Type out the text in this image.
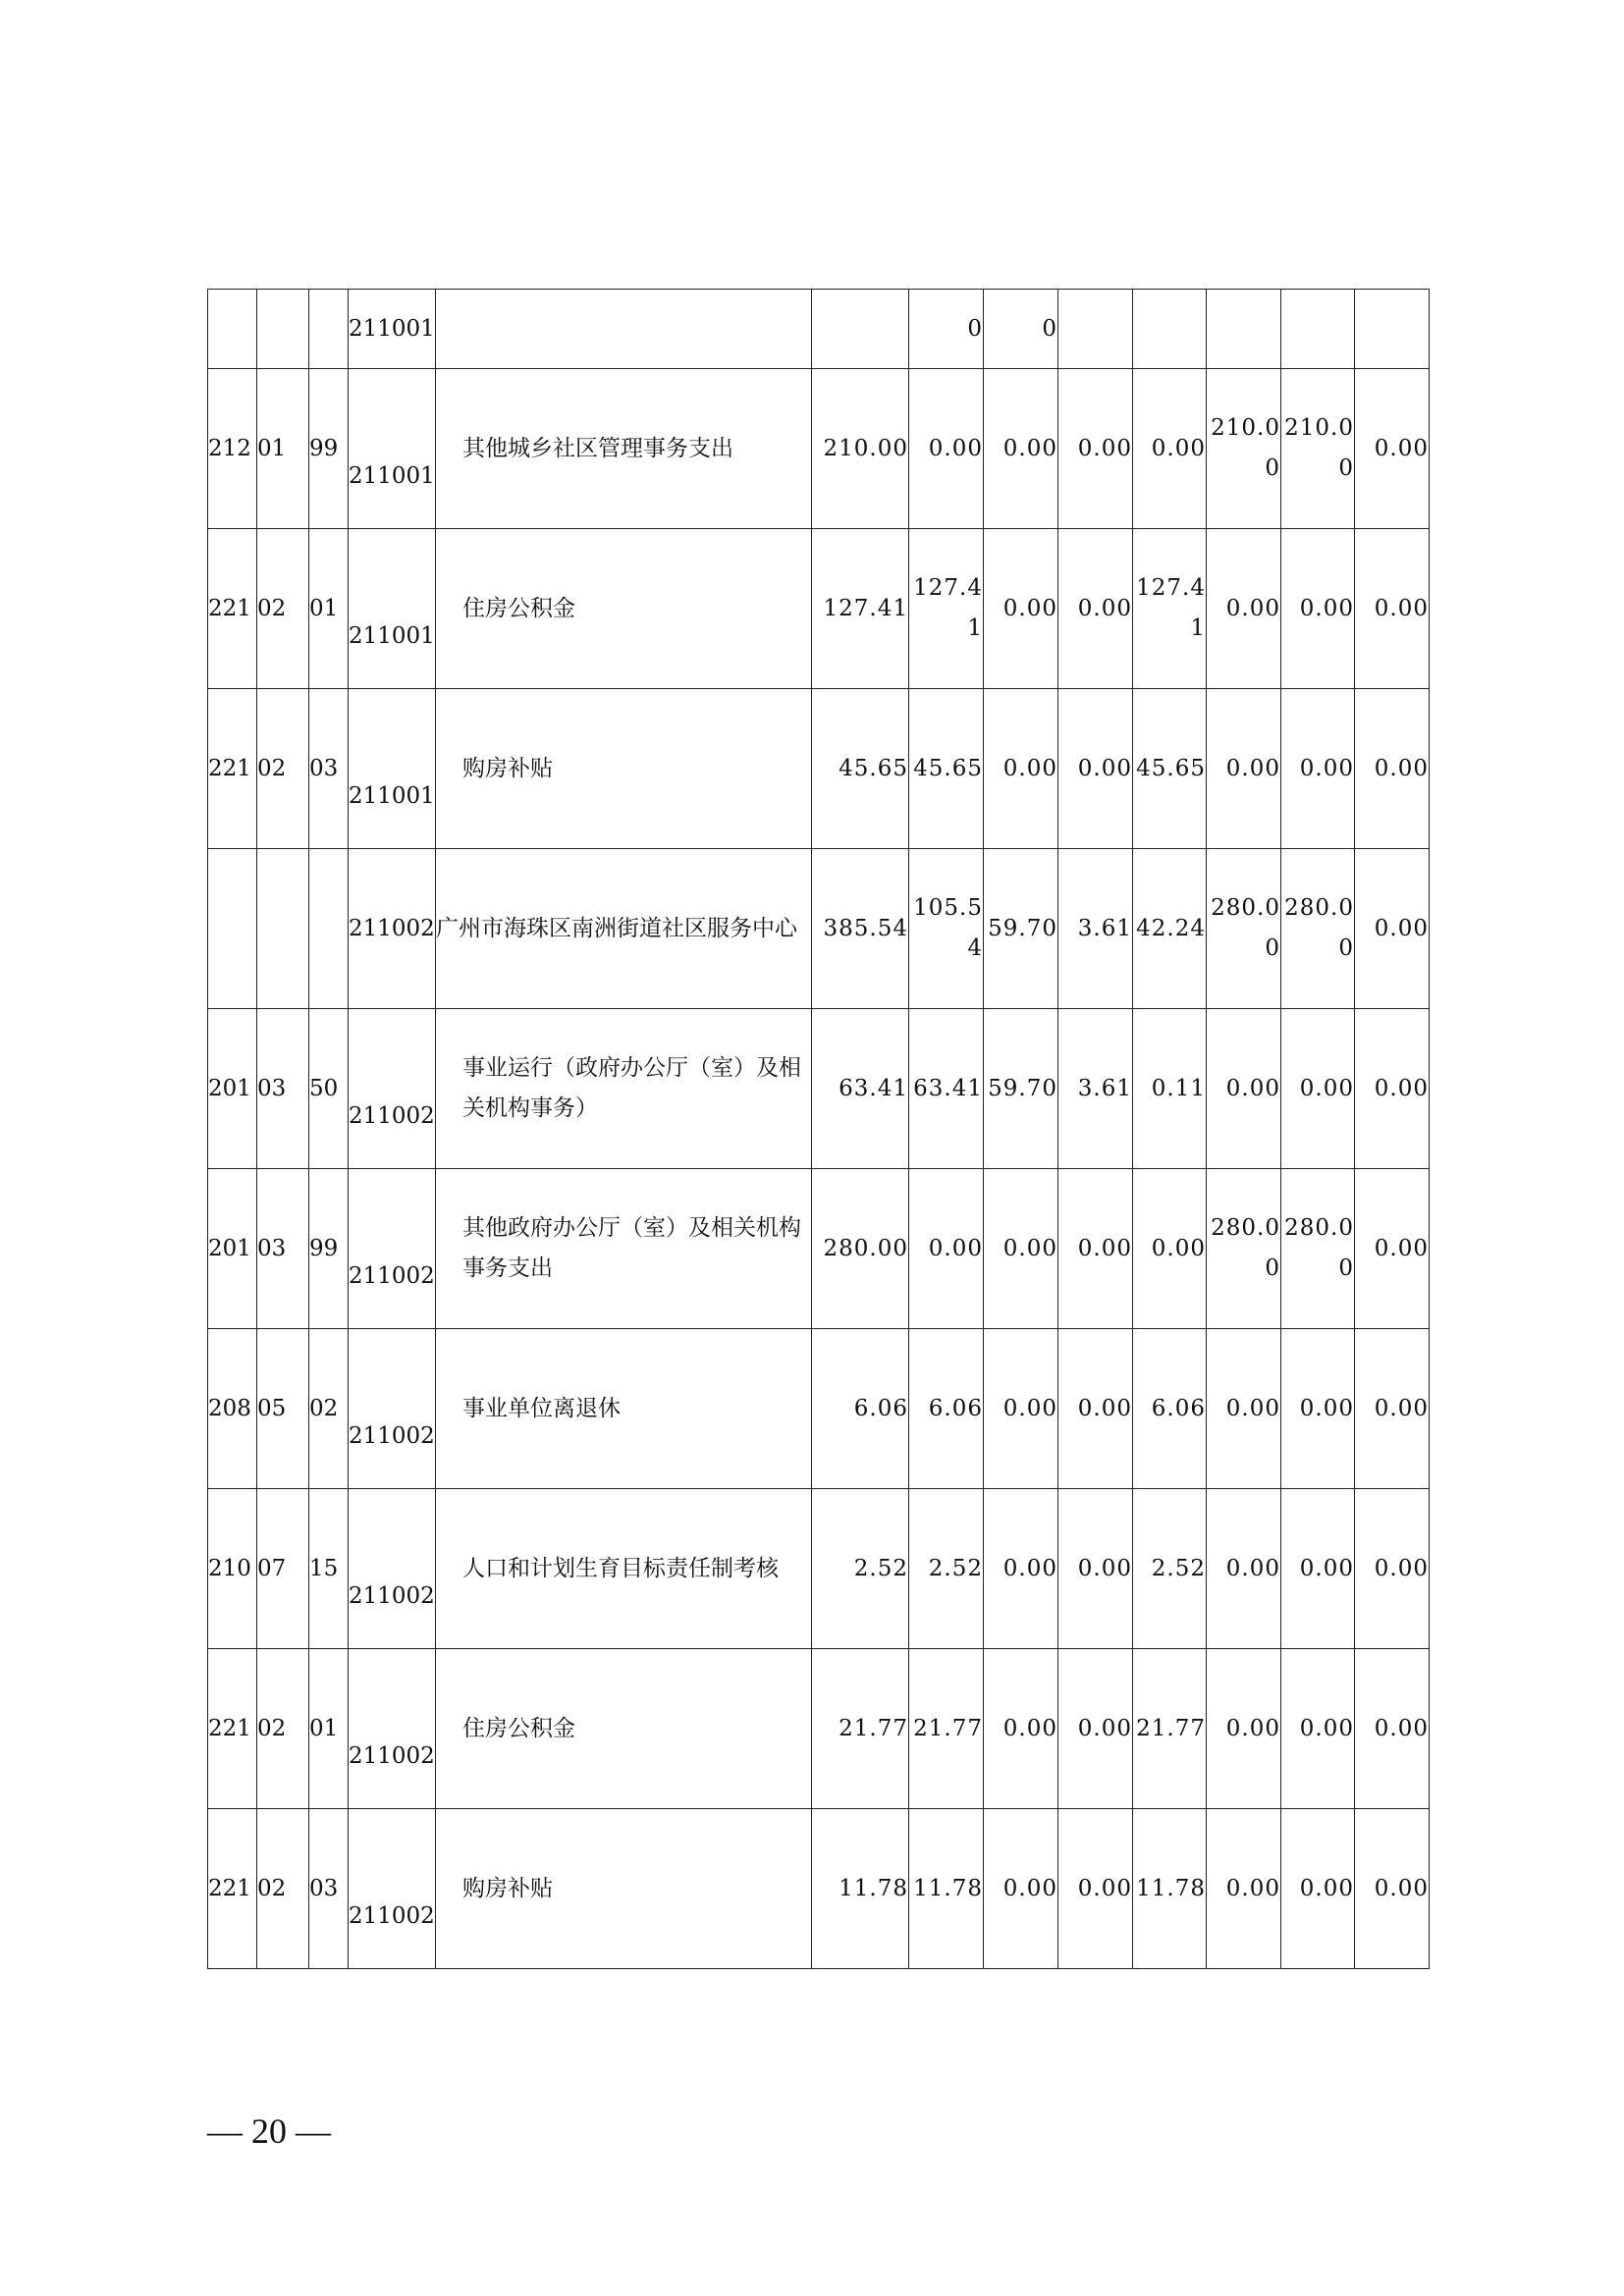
			211001			0	0					

212	01	99	211001	其他城乡社区管理事务支出	210.00	0.00	0.00	0.00	0.00	210.00	210.00	0.00

221	02	01	211001	住房公积金	127.41	127.41	0.00	0.00	127.41	0.00	0.00	0.00

221	02	03	211001	购房补贴	45.65	45.65	0.00	0.00	45.65	0.00	0.00	0.00

			211002	广州市海珠区南洲街道社区服务中心	385.54	105.54	59.70	3.61	42.24	280.00	280.00	0.00

201	03	50	211002	事业运行（政府办公厅（室）及相关机构事务）	63.41	63.41	59.70	3.61	0.11	0.00	0.00	0.00

201	03	99	211002	其他政府办公厅（室）及相关机构事务支出	280.00	0.00	0.00	0.00	0.00	280.00	280.00	0.00

208	05	02	211002	事业单位离退休	6.06	6.06	0.00	0.00	6.06	0.00	0.00	0.00

210	07	15	211002	人口和计划生育目标责任制考核	2.52	2.52	0.00	0.00	2.52	0.00	0.00	0.00

221	02	01	211002	住房公积金	21.77	21.77	0.00	0.00	21.77	0.00	0.00	0.00

221	02	03	211002	购房补贴	11.78	11.78	0.00	0.00	11.78	0.00	0.00	0.00
— 20 —
